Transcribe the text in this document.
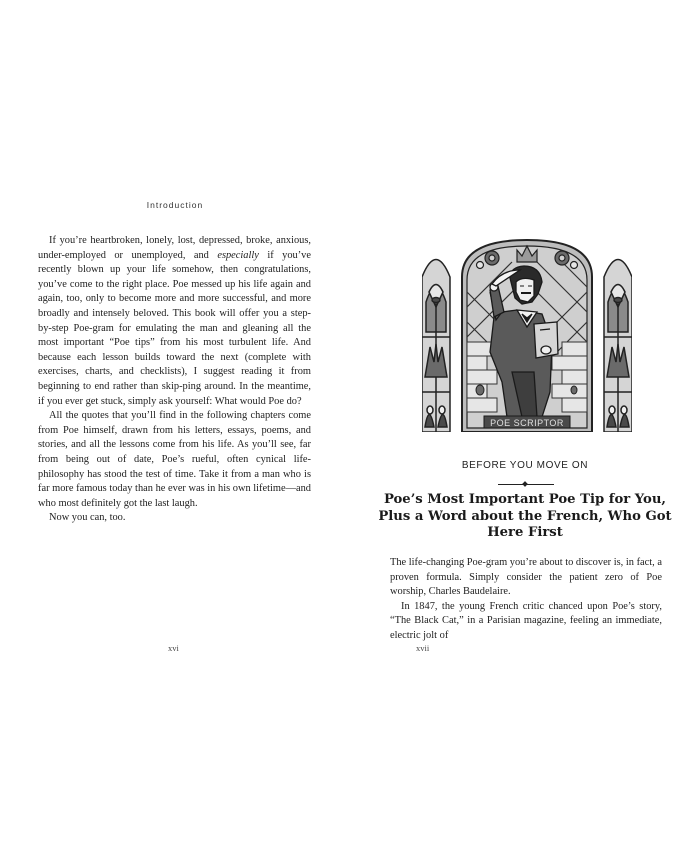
Introduction

If you’re heartbroken, lonely, lost, depressed, broke, anxious, under-employed or unemployed, and especially if you’ve recently blown up your life somehow, then congratulations, you’ve come to the right place. Poe messed up his life again and again, too, only to become more and more successful, and more broadly and intensely beloved. This book will offer you a step-by-step Poe-gram for emulating the man and gleaning all the most important “Poe tips” from his most turbulent life. And because each lesson builds toward the next (complete with exercises, charts, and checklists), I suggest reading it from beginning to end rather than skip-ping around. In the meantime, if you ever get stuck, simply ask yourself: What would Poe do?

All the quotes that you’ll find in the following chapters come from Poe himself, drawn from his letters, essays, poems, and stories, and all the lessons come from his life. As you’ll see, far from being out of date, Poe’s rueful, often cynical life-philosophy has stood the test of time. Take it from a man who is far more famous today than he ever was in his own lifetime—and who most definitely got the last laugh.

Now you can, too.

xvi
POE SCRIPTOR
BEFORE YOU MOVE ON
Poe’s Most Important Poe Tip for You, Plus a Word about the French, Who Got Here First

The life-changing Poe-gram you’re about to discover is, in fact, a proven formula. Simply consider the patient zero of Poe worship, Charles Baudelaire.

In 1847, the young French critic chanced upon Poe’s story, “The Black Cat,” in a Parisian magazine, feeling an immediate, electric jolt of

xvii
